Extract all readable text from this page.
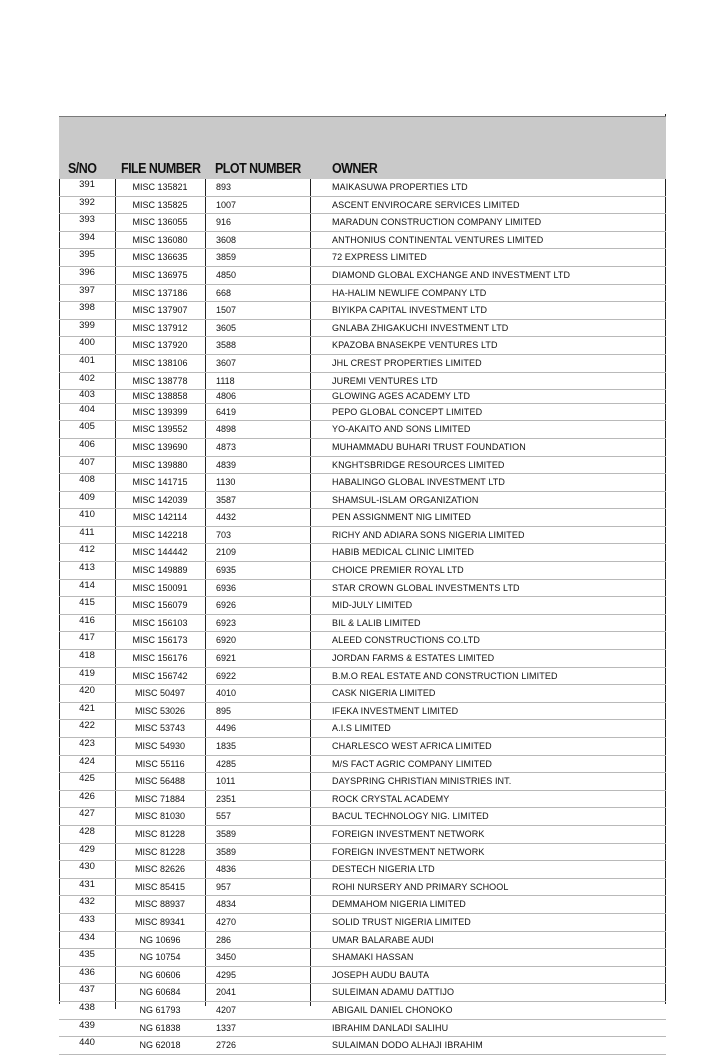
S/NO FILE NUMBER PLOT NUMBER OWNER
391	MISC 135821	893	MAIKASUWA PROPERTIES LTD
392	MISC 135825	1007	ASCENT ENVIROCARE SERVICES LIMITED
393	MISC 136055	916	MARADUN CONSTRUCTION COMPANY LIMITED
394	MISC 136080	3608	ANTHONIUS CONTINENTAL VENTURES LIMITED
395	MISC 136635	3859	72 EXPRESS LIMITED
396	MISC 136975	4850	DIAMOND GLOBAL EXCHANGE AND INVESTMENT LTD
397	MISC 137186	668	HA-HALIM NEWLIFE COMPANY LTD
398	MISC 137907	1507	BIYIKPA CAPITAL INVESTMENT LTD
399	MISC 137912	3605	GNLABA ZHIGAKUCHI INVESTMENT LTD
400	MISC 137920	3588	KPAZOBA BNASEKPE VENTURES LTD
401	MISC 138106	3607	JHL CREST PROPERTIES LIMITED
402	MISC 138778	1118	JUREMI VENTURES LTD
403	MISC 138858	4806	GLOWING AGES ACADEMY LTD
404	MISC 139399	6419	PEPO GLOBAL CONCEPT LIMITED
405	MISC 139552	4898	YO-AKAITO AND SONS LIMITED
406	MISC 139690	4873	MUHAMMADU BUHARI TRUST FOUNDATION
407	MISC 139880	4839	KNGHTSBRIDGE RESOURCES LIMITED
408	MISC 141715	1130	HABALINGO GLOBAL INVESTMENT LTD
409	MISC 142039	3587	SHAMSUL-ISLAM ORGANIZATION
410	MISC 142114	4432	PEN ASSIGNMENT NIG LIMITED
411	MISC 142218	703	RICHY AND ADIARA SONS NIGERIA LIMITED
412	MISC 144442	2109	HABIB MEDICAL CLINIC LIMITED
413	MISC 149889	6935	CHOICE PREMIER ROYAL LTD
414	MISC 150091	6936	STAR CROWN GLOBAL INVESTMENTS LTD
415	MISC 156079	6926	MID-JULY LIMITED
416	MISC 156103	6923	BIL & LALIB LIMITED
417	MISC 156173	6920	ALEED CONSTRUCTIONS CO.LTD
418	MISC 156176	6921	JORDAN FARMS & ESTATES LIMITED
419	MISC 156742	6922	B.M.O REAL ESTATE AND CONSTRUCTION LIMITED
420	MISC 50497	4010	CASK NIGERIA LIMITED
421	MISC 53026	895	IFEKA INVESTMENT LIMITED
422	MISC 53743	4496	A.I.S LIMITED
423	MISC 54930	1835	CHARLESCO WEST AFRICA LIMITED
424	MISC 55116	4285	M/S FACT AGRIC COMPANY LIMITED
425	MISC 56488	1011	DAYSPRING CHRISTIAN MINISTRIES INT.
426	MISC 71884	2351	ROCK CRYSTAL ACADEMY
427	MISC 81030	557	BACUL TECHNOLOGY NIG. LIMITED
428	MISC 81228	3589	FOREIGN INVESTMENT NETWORK
429	MISC 81228	3589	FOREIGN INVESTMENT NETWORK
430	MISC 82626	4836	DESTECH NIGERIA LTD
431	MISC 85415	957	ROHI NURSERY AND PRIMARY SCHOOL
432	MISC 88937	4834	DEMMAHOM NIGERIA LIMITED
433	MISC 89341	4270	SOLID TRUST NIGERIA LIMITED
434	NG 10696	286	UMAR BALARABE AUDI
435	NG 10754	3450	SHAMAKI HASSAN
436	NG 60606	4295	JOSEPH AUDU BAUTA
437	NG 60684	2041	SULEIMAN ADAMU DATTIJO
438	NG 61793	4207	ABIGAIL DANIEL CHONOKO
439	NG 61838	1337	IBRAHIM DANLADI SALIHU
440	NG 62018	2726	SULAIMAN DODO ALHAJI IBRAHIM
